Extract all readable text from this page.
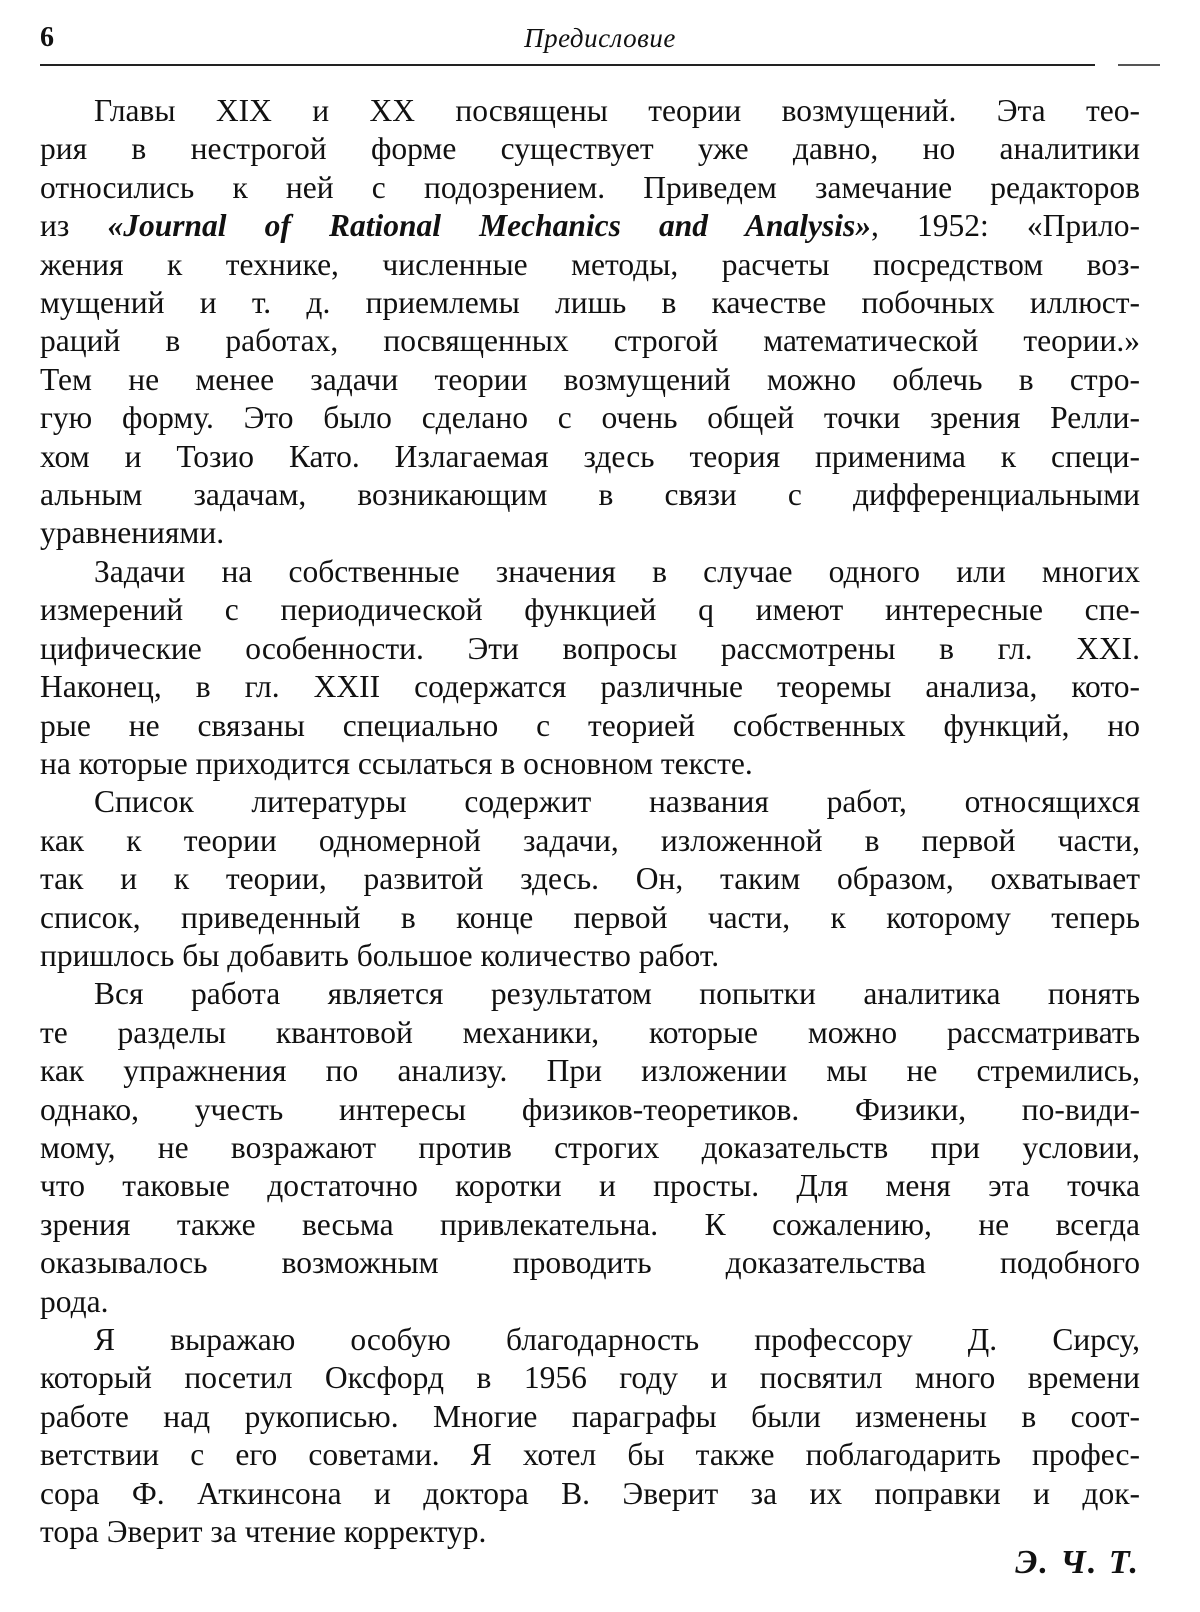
6	Предисловие
Главы XIX и XX посвящены теории возмущений. Эта тео-
рия в нестрогой форме существует уже давно, но аналитики
относились к ней с подозрением. Приведем замечание редакторов
из «Journal of Rational Mechanics and Analysis», 1952: «Прило-
жения к технике, численные методы, расчеты посредством воз-
мущений и т. д. приемлемы лишь в качестве побочных иллюст-
раций в работах, посвященных строгой математической теории.»
Тем не менее задачи теории возмущений можно облечь в стро-
гую форму. Это было сделано с очень общей точки зрения Релли-
хом и Тозио Като. Излагаемая здесь теория применима к специ-
альным задачам, возникающим в связи с дифференциальными
уравнениями.
Задачи на собственные значения в случае одного или многих
измерений с периодической функцией q имеют интересные спе-
цифические особенности. Эти вопросы рассмотрены в гл. XXI.
Наконец, в гл. XXII содержатся различные теоремы анализа, кото-
рые не связаны специально с теорией собственных функций, но
на которые приходится ссылаться в основном тексте.
Список литературы содержит названия работ, относящихся
как к теории одномерной задачи, изложенной в первой части,
так и к теории, развитой здесь. Он, таким образом, охватывает
список, приведенный в конце первой части, к которому теперь
пришлось бы добавить большое количество работ.
Вся работа является результатом попытки аналитика понять
те разделы квантовой механики, которые можно рассматривать
как упражнения по анализу. При изложении мы не стремились,
однако, учесть интересы физиков-теоретиков. Физики, по-види-
мому, не возражают против строгих доказательств при условии,
что таковые достаточно коротки и просты. Для меня эта точка
зрения также весьма привлекательна. К сожалению, не всегда
оказывалось возможным проводить доказательства подобного
рода.
Я выражаю особую благодарность профессору Д. Сирсу,
который посетил Оксфорд в 1956 году и посвятил много времени
работе над рукописью. Многие параграфы были изменены в соот-
ветствии с его советами. Я хотел бы также поблагодарить профес-
сора Ф. Аткинсона и доктора В. Эверит за их поправки и док-
тора Эверит за чтение корректур.
Э. Ч. Т.
